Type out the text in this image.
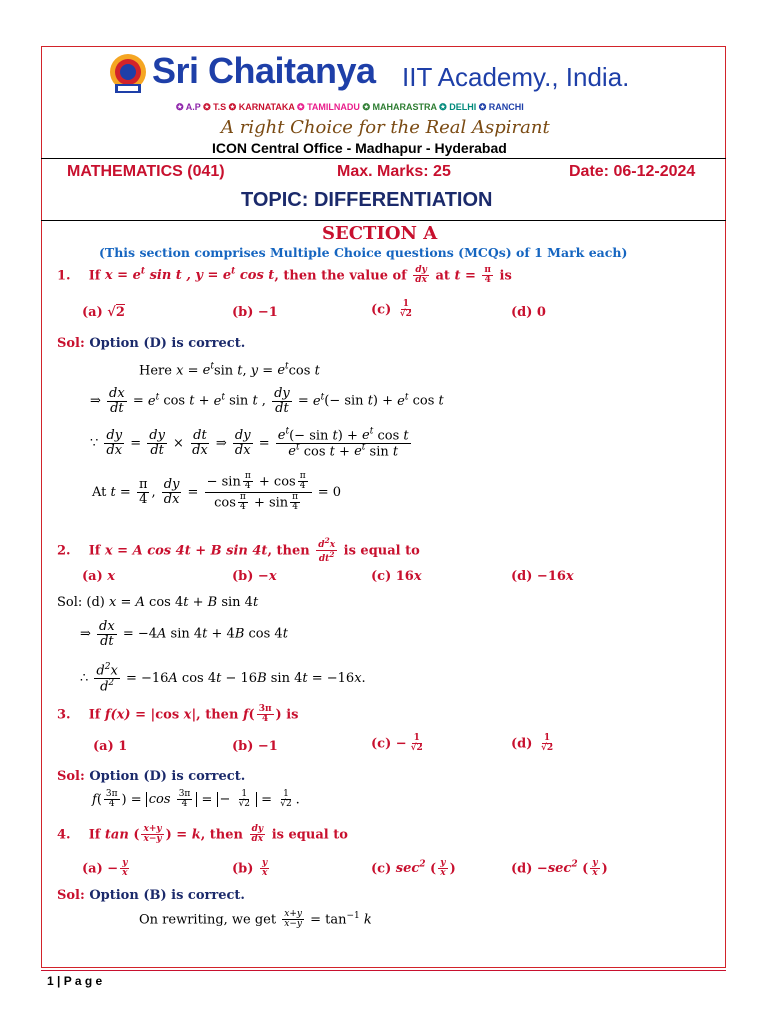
Sri Chaitanya IIT Academy., India.
✪ A.P ✪ T.S ✪ KARNATAKA ✪ TAMILNADU ✪ MAHARASTRA ✪ DELHI ✪ RANCHI
A right Choice for the Real Aspirant
ICON Central Office - Madhapur - Hyderabad
MATHEMATICS (041)	Max. Marks: 25	Date: 06-12-2024
TOPIC: DIFFERENTIATION
SECTION A
(This section comprises Multiple Choice questions (MCQs) of 1 Mark each)
1. If $x = e^t$ sin t , $y = e^t$ cos t, then the value of $\frac{dy}{dx}$ at $t = \frac{\pi}{4}$ is
(a) √2	(b) −1	$(c) \frac{1}{√2}$	(d) 0
Sol: Option (D) is correct.
Here $x = e^t\sin$ t, $y = e^t\cos$ t
⇒ $\frac{dx}{dt} = e^t$ $\cos t + e^t$ sin t , $\frac{dy}{dt} = e^t(- \sin t) + e^t$ cos t
∵ $\frac{dy}{dx} = \frac{dy}{dt} \times \frac{dt}{dx}$ ⇒ $\frac{dy}{dx} = \frac{e^t(- \sin t) + e^t \cos t}{e^t \cos t + e^t \sin t}$
At $t = \frac{\pi}{4}$ , $\frac{dy}{dx} = \frac{- \sin \frac{\pi}{4} + \cos \frac{\pi}{4}}{\cos \frac{\pi}{4} + \sin \frac{\pi}{4}} = 0$
2. If x = A cos 4t + B sin 4t, then $\frac{d^2x}{dt^2}$ is equal to
(a) x	(b) −x	(c) 16x	(d) −16x
Sol: (d) x = A cos 4t + B sin 4t
⇒ $\frac{dx}{dt} = -4A$ sin 4t + 4B cos 4t
∴ $\frac{d^2x}{d^2} = -16A$ cos 4t − 16B sin 4t = −16x.
3. If f(x) = |cos x|, then $f( \frac{3\pi}{4}$ ) is
(a) 1	(b) −1	$(c) - \frac{1}{√2}$	$(d) \frac{1}{√2}$
Sol: Option (D) is correct.
$f( \frac{3\pi}{4}$ ) = $\cos \frac{3\pi}{4}$ = − $\frac{1}{√2} = \frac{1}{√2}$ .
4. If tan ( $\frac{x+y}{x-y}$ ) = k, then $\frac{dy}{dx}$ is equal to
$(a) - \frac{y}{x}$	$(b) \frac{y}{x}$	(c) $\sec^2$ ( $\frac{y}{x}$ )	$(d) -\sec^2$ ( $\frac{y}{x}$ )
Sol: Option (B) is correct.
On rewriting, we get $\frac{x+y}{x-y} = \tan^{-1} k$
1 | P a g e
